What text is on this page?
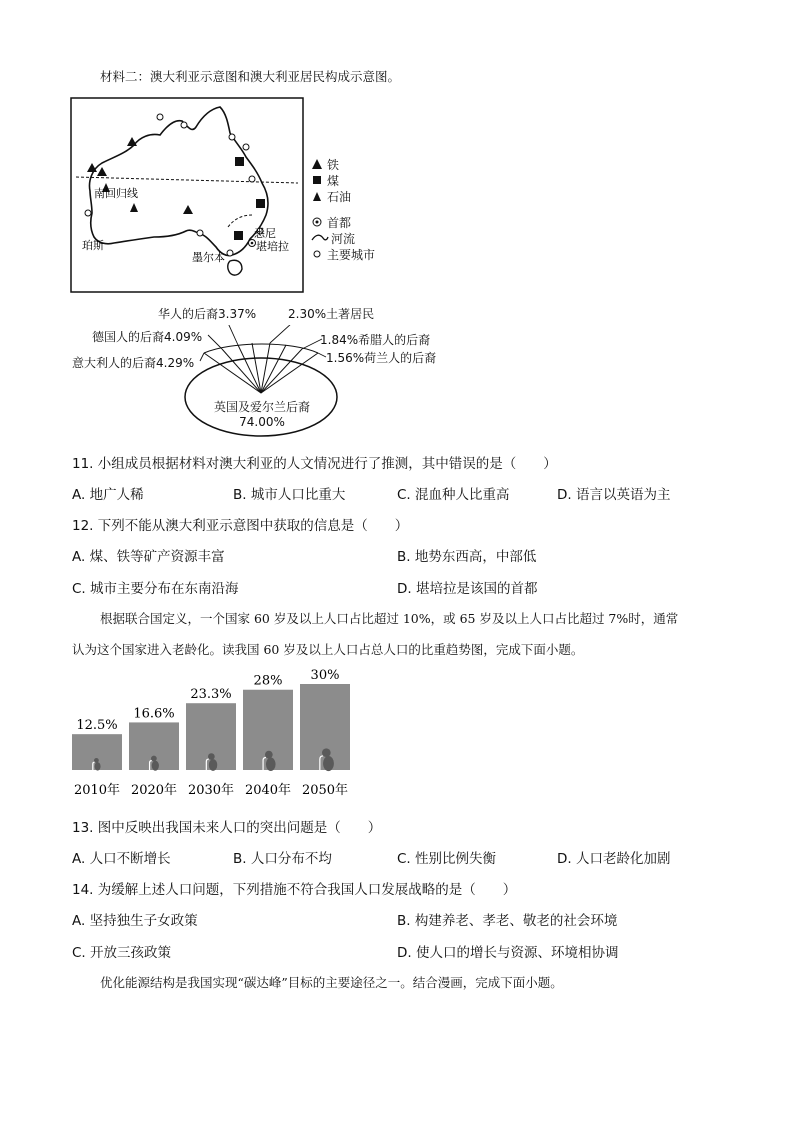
材料二：澳大利亚示意图和澳大利亚居民构成示意图。
南回归线
珀斯
墨尔本
悉尼
堪培拉
铁
煤
石油
首都
河流
主要城市
英国及爱尔兰后裔
74.00%
华人的后裔3.37%	2.30%土著居民
德国人的后裔4.09%	1.84%希腊人的后裔
意大利人的后裔4.29%	1.56%荷兰人的后裔
11. 小组成员根据材料对澳大利亚的人文情况进行了推测，其中错误的是（　　）
A. 地广人稀	B. 城市人口比重大	C. 混血种人比重高	D. 语言以英语为主
12. 下列不能从澳大利亚示意图中获取的信息是（　　）
A. 煤、铁等矿产资源丰富	B. 地势东西高，中部低
C. 城市主要分布在东南沿海	D. 堪培拉是该国的首都
根据联合国定义，一个国家 60 岁及以上人口占比超过 10%，或 65 岁及以上人口占比超过 7%时，通常
认为这个国家进入老龄化。读我国 60 岁及以上人口占总人口的比重趋势图，完成下面小题。
12.5%
2010年
16.6%
2020年
23.3%
2030年
28%
2040年
30%
2050年
13. 图中反映出我国未来人口的突出问题是（　　）
A. 人口不断增长	B. 人口分布不均	C. 性别比例失衡	D. 人口老龄化加剧
14. 为缓解上述人口问题，下列措施不符合我国人口发展战略的是（　　）
A. 坚持独生子女政策	B. 构建养老、孝老、敬老的社会环境
C. 开放三孩政策	D. 使人口的增长与资源、环境相协调
优化能源结构是我国实现“碳达峰”目标的主要途径之一。结合漫画，完成下面小题。
